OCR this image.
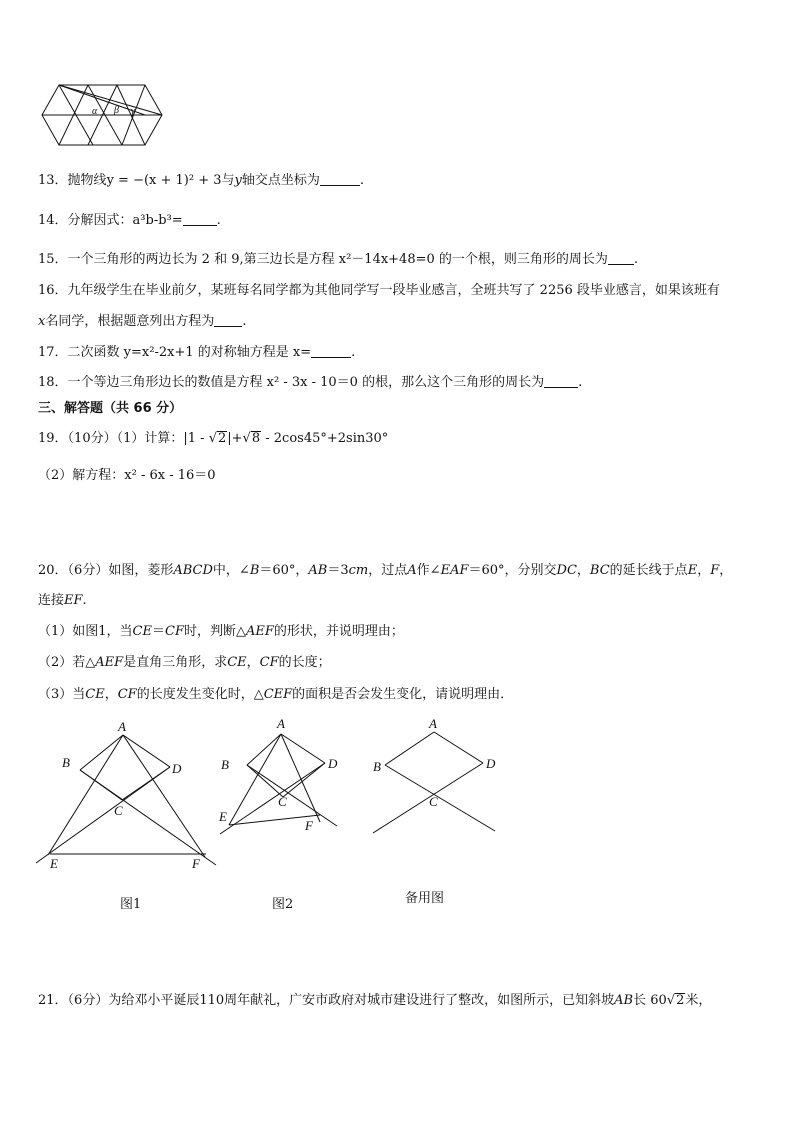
α β γ
13．抛物线y = −(x + 1)² + 3与y轴交点坐标为	.
14．分解因式：a³b-b³=	.
15．一个三角形的两边长为 2 和 9,第三边长是方程 x²－14x+48=0 的一个根，则三角形的周长为 .
16．九年级学生在毕业前夕，某班每名同学都为其他同学写一段毕业感言，全班共写了 2256 段毕业感言，如果该班有
x名同学，根据题意列出方程为 .
17．二次函数 y=x²-2x+1 的对称轴方程是 x=	.
18．一个等边三角形边长的数值是方程 x² - 3x - 10＝0 的根，那么这个三角形的周长为	.
三、解答题（共 66 分）
19．（10分）（1）计算：|1 - √2|+√8 - 2cos45°+2sin30°
（2）解方程：x² - 6x - 16＝0
20．（6分）如图，菱形ABCD中，∠B＝60°，AB＝3cm，过点A作∠EAF＝60°，分别交DC，BC的延长线于点E，F，
连接EF.
（1）如图1，当CE＝CF时，判断△AEF的形状，并说明理由；
（2）若△AEF是直角三角形，求CE，CF的长度；
（3）当CE，CF的长度发生变化时，△CEF的面积是否会发生变化，请说明理由．
A
B	D
C
E	F
图1
A
B	D
C
E
F
图2
A
B	D
C
备用图
21．（6分）为给邓小平诞辰110周年献礼，广安市政府对城市建设进行了整改，如图所示，已知斜坡AB长 60√2米，
